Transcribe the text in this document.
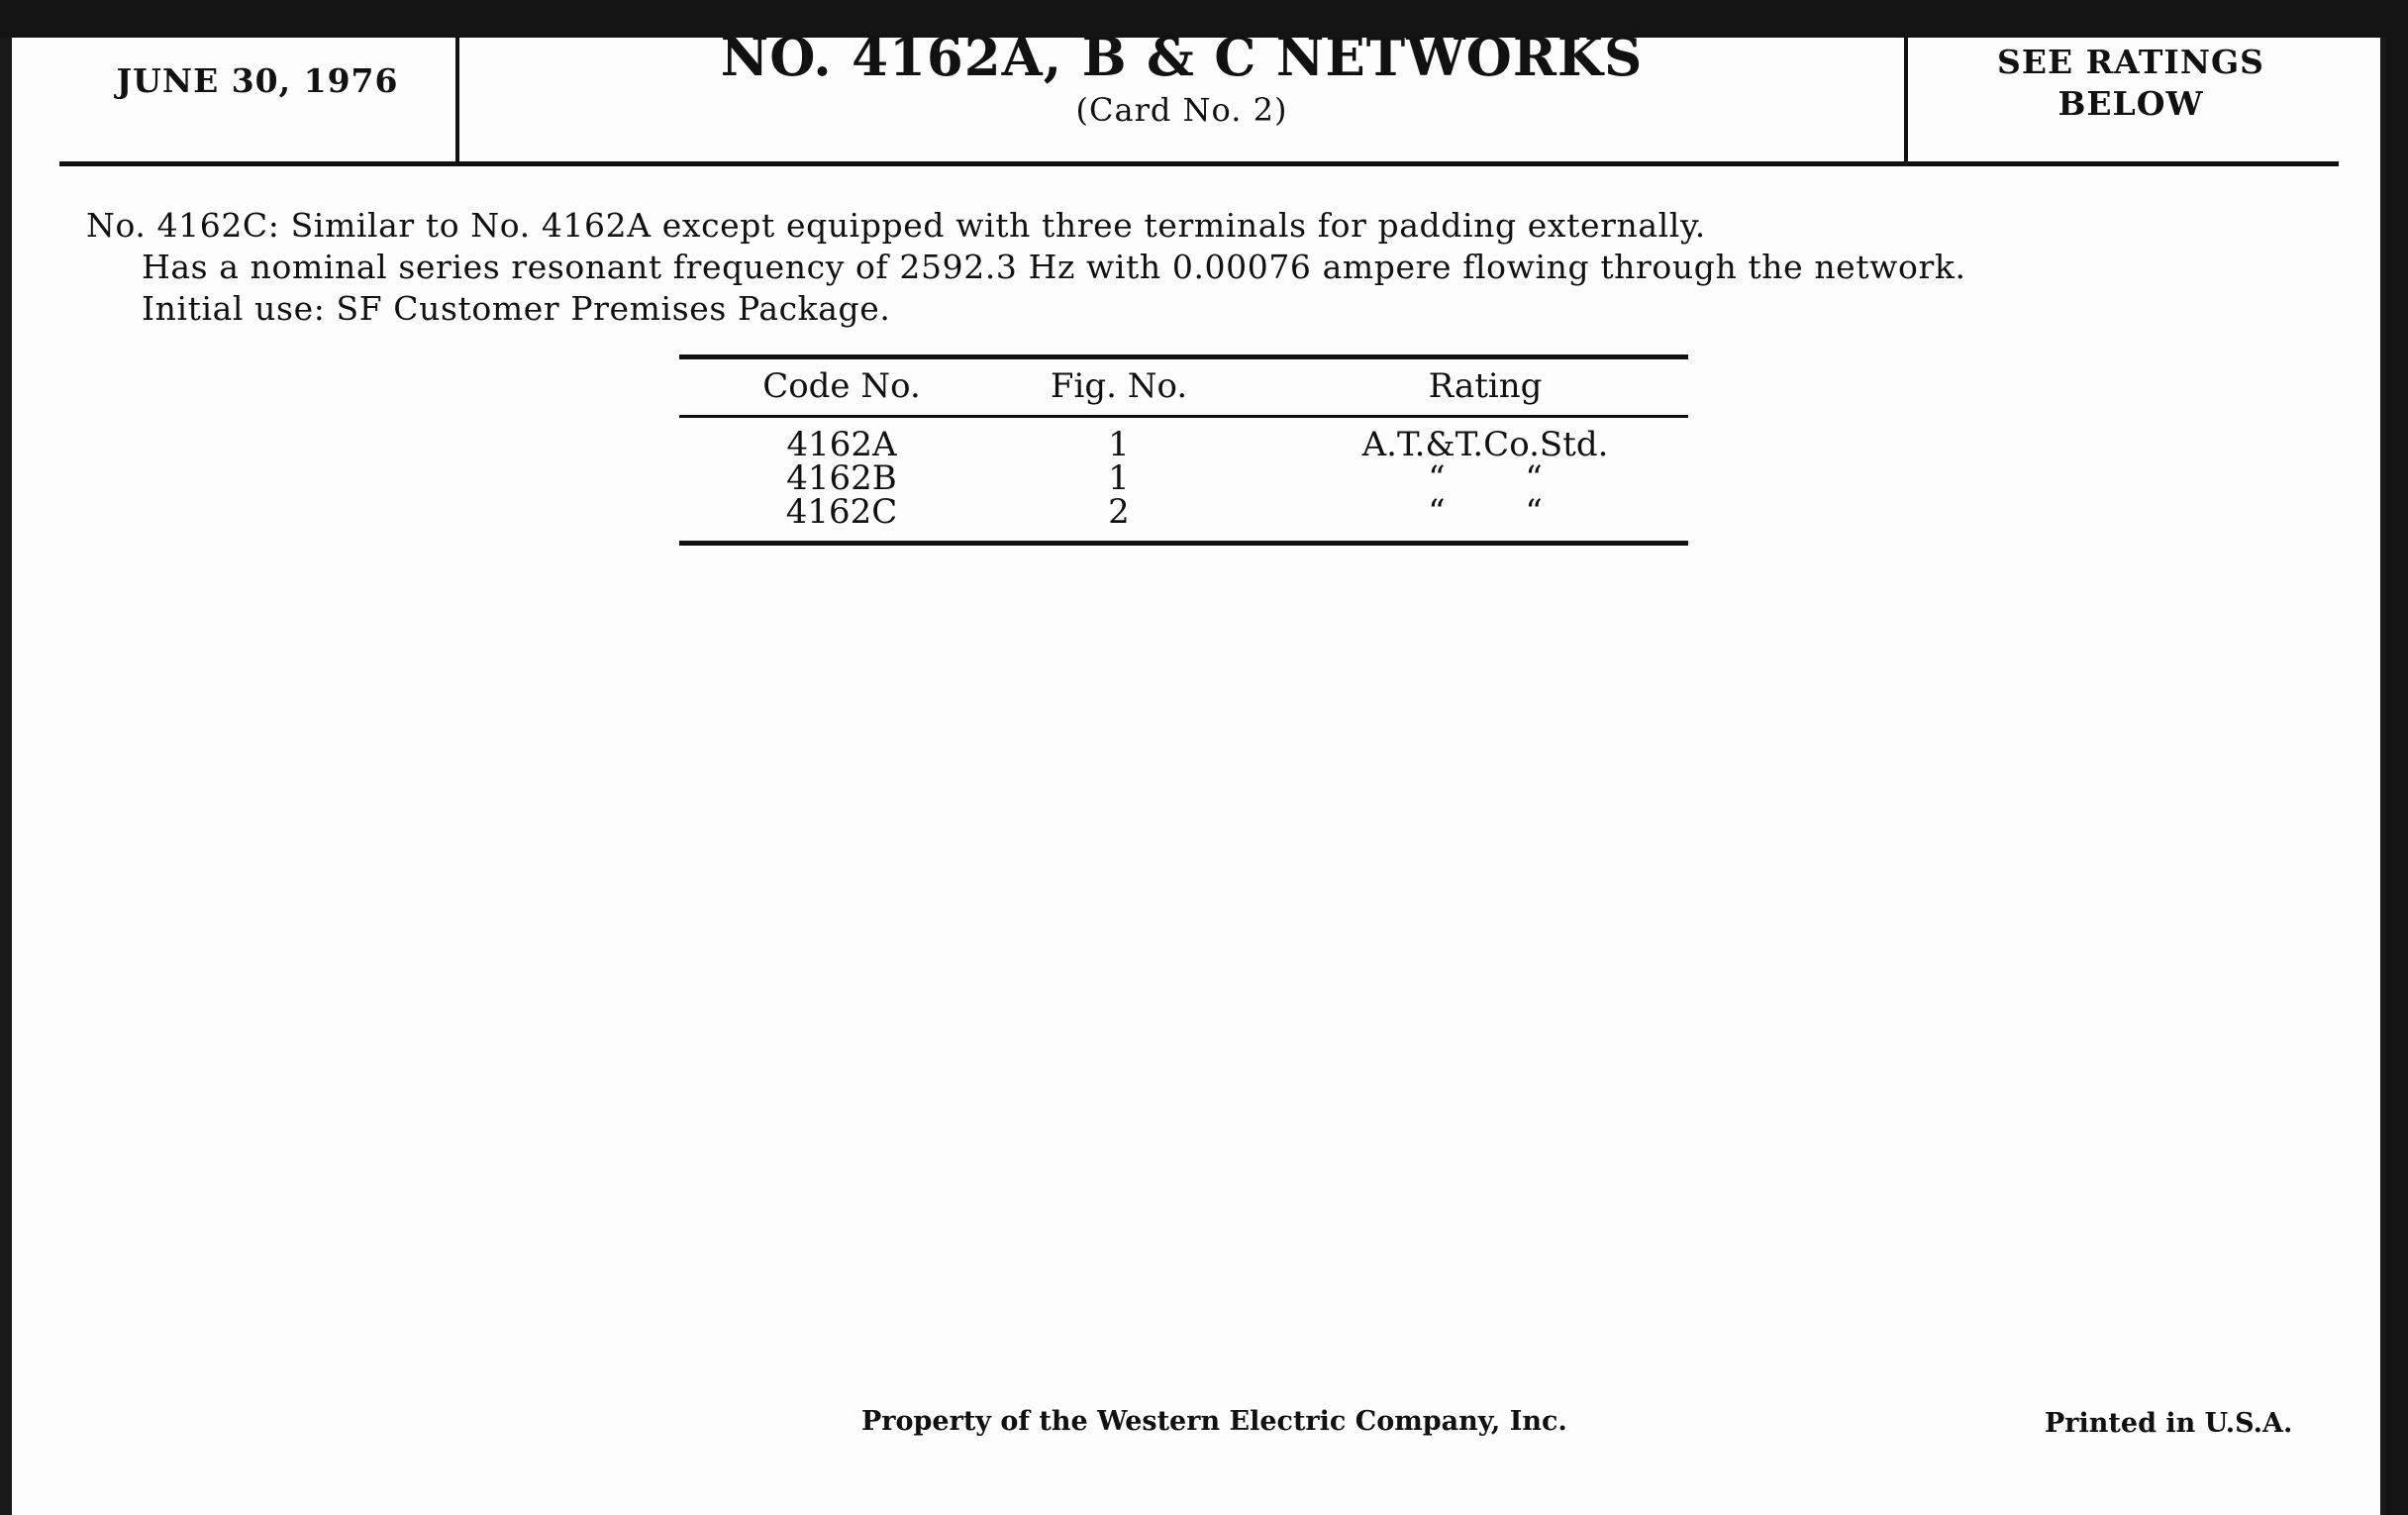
JUNE 30, 1976	NO. 4162A, B & C NETWORKS
(Card No. 2)
SEE RATINGS
BELOW
No. 4162C: Similar to No. 4162A except equipped with three terminals for padding externally.
Has a nominal series resonant frequency of 2592.3 Hz with 0.00076 ampere flowing through the network.
Initial use: SF Customer Premises Package.
Code No.	Fig. No.	Rating
4162A	1	A.T.&T.Co.Std.
4162B	1	“ “
4162C	2	“ “
Property of the Western Electric Company, Inc.	Printed in U.S.A.
